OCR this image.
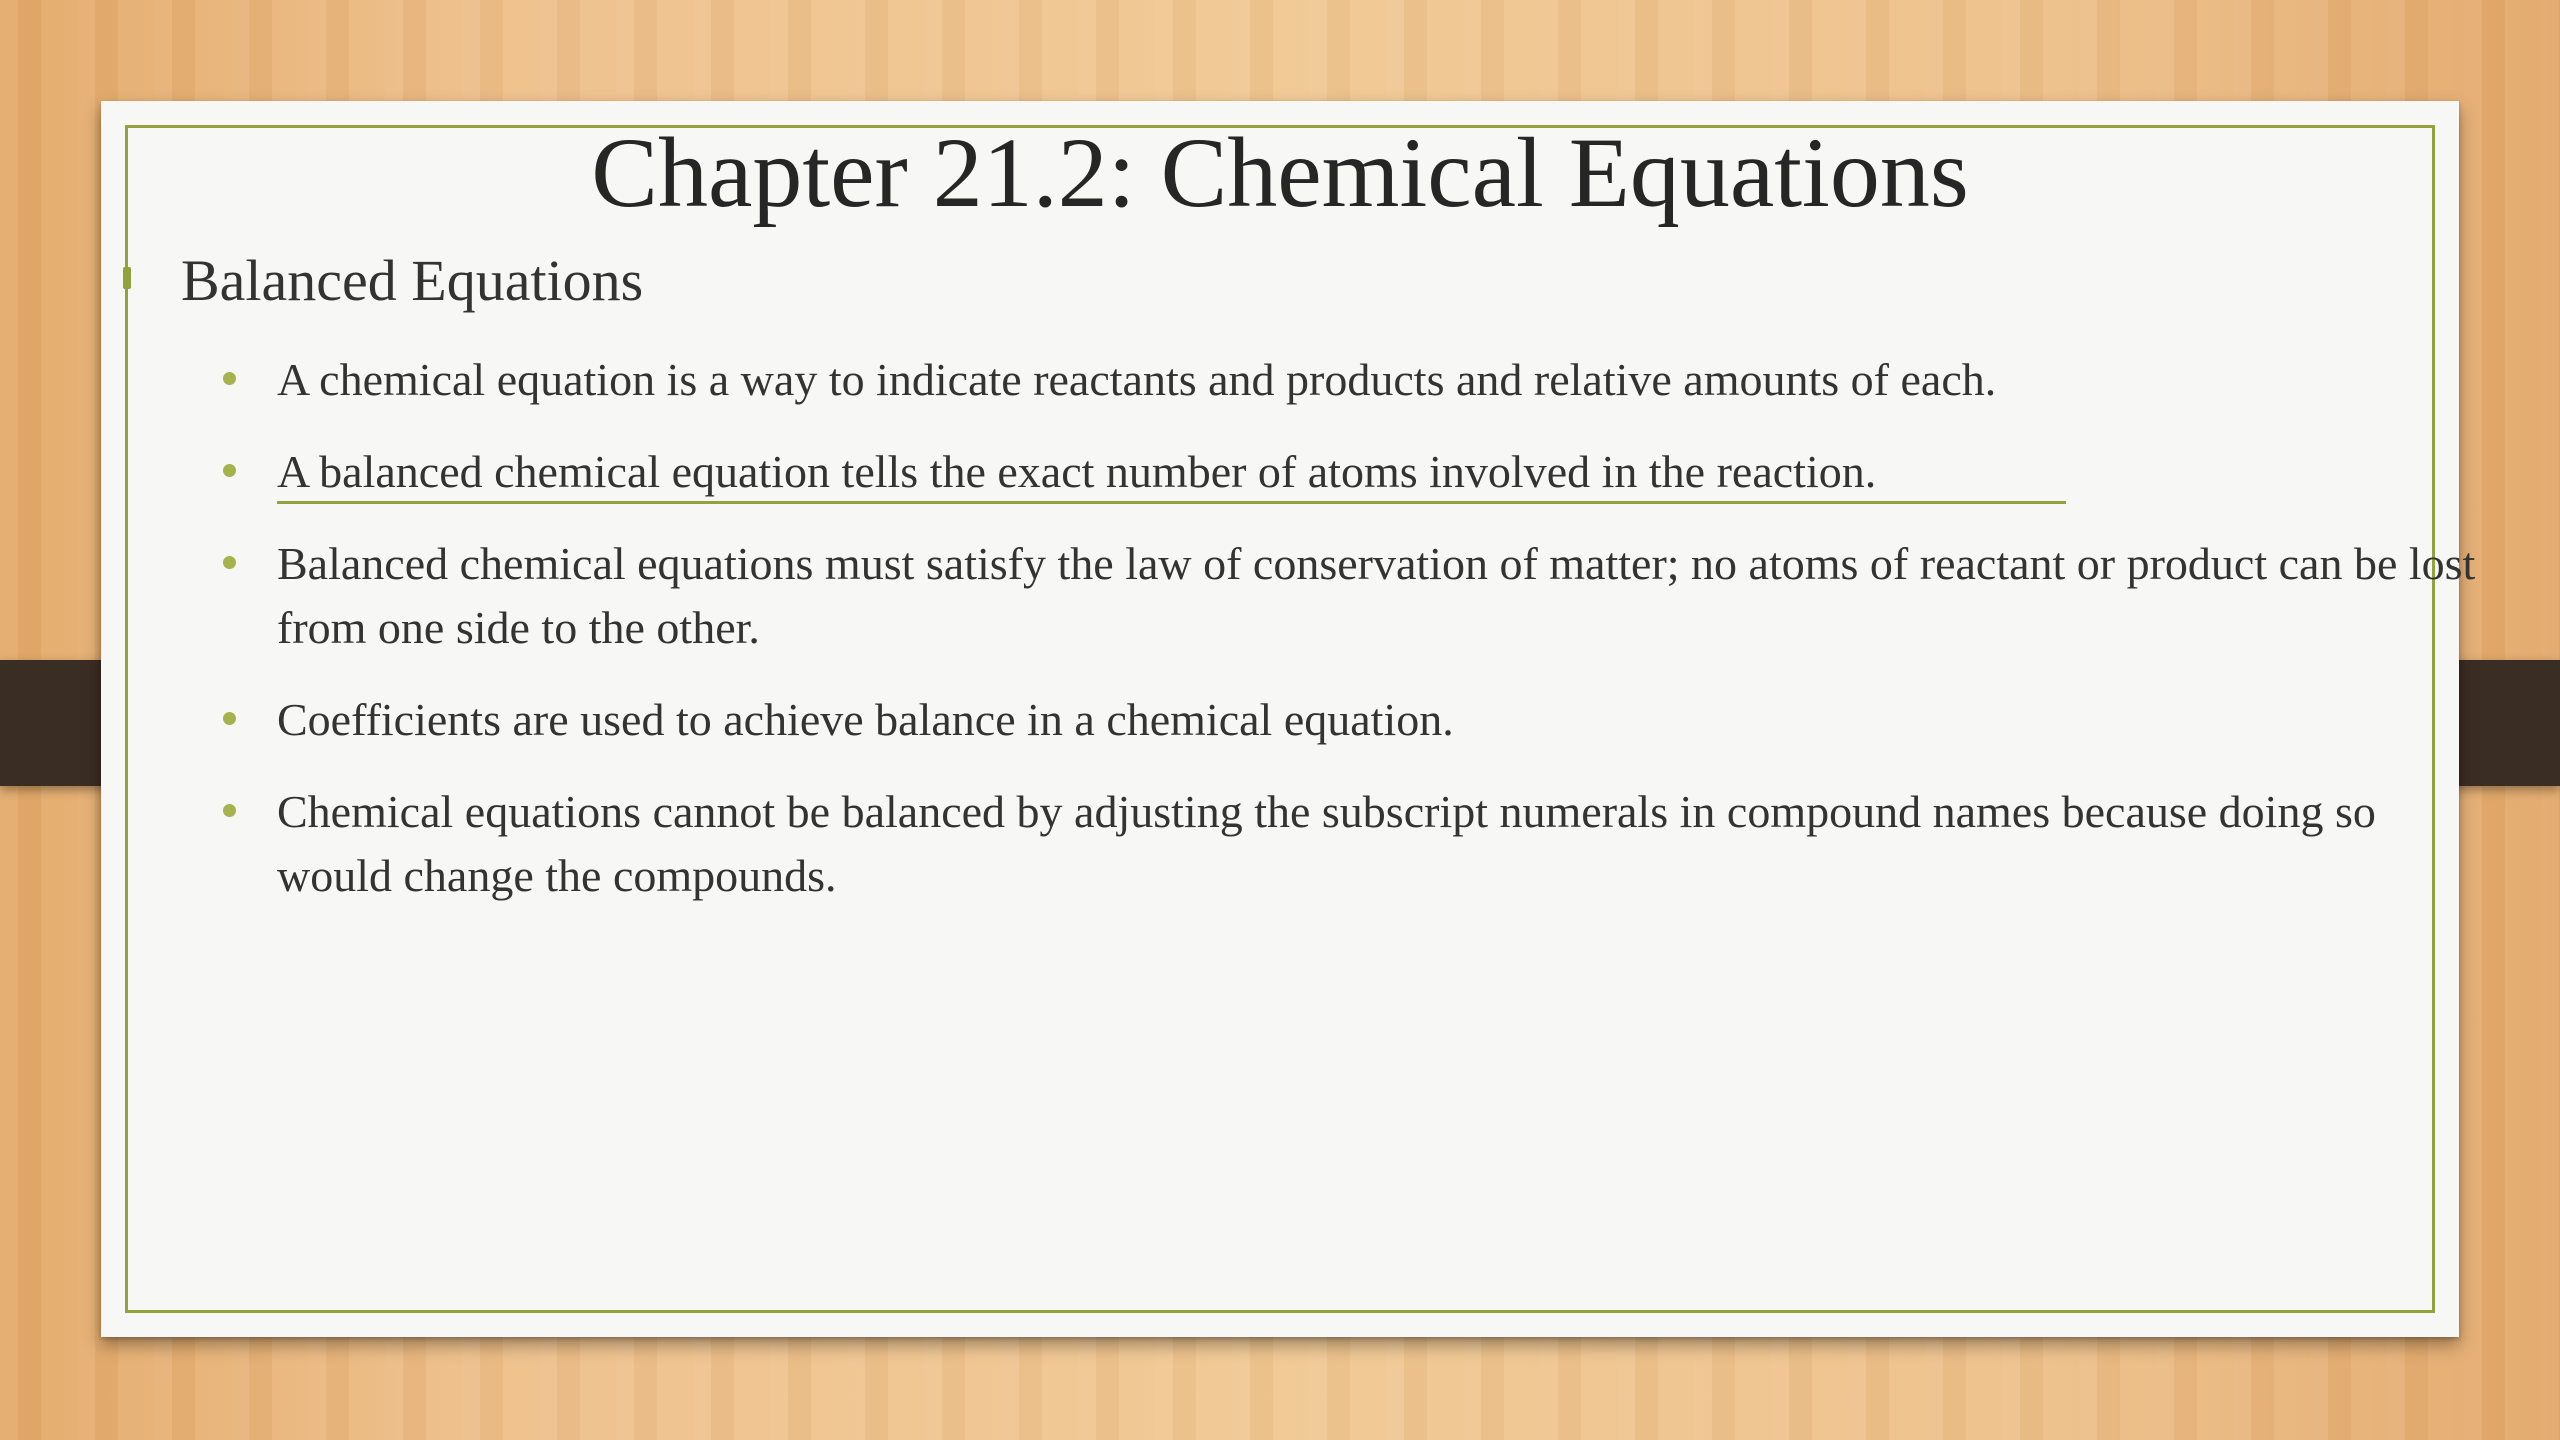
Chapter 21.2: Chemical Equations
Balanced Equations
A chemical equation is a way to indicate reactants and products and relative amounts of each.
A balanced chemical equation tells the exact number of atoms involved in the reaction.
Balanced chemical equations must satisfy the law of conservation of matter; no atoms of reactant or product can be lost from one side to the other.
Coefficients are used to achieve balance in a chemical equation.
Chemical equations cannot be balanced by adjusting the subscript numerals in compound names because doing so would change the compounds.
